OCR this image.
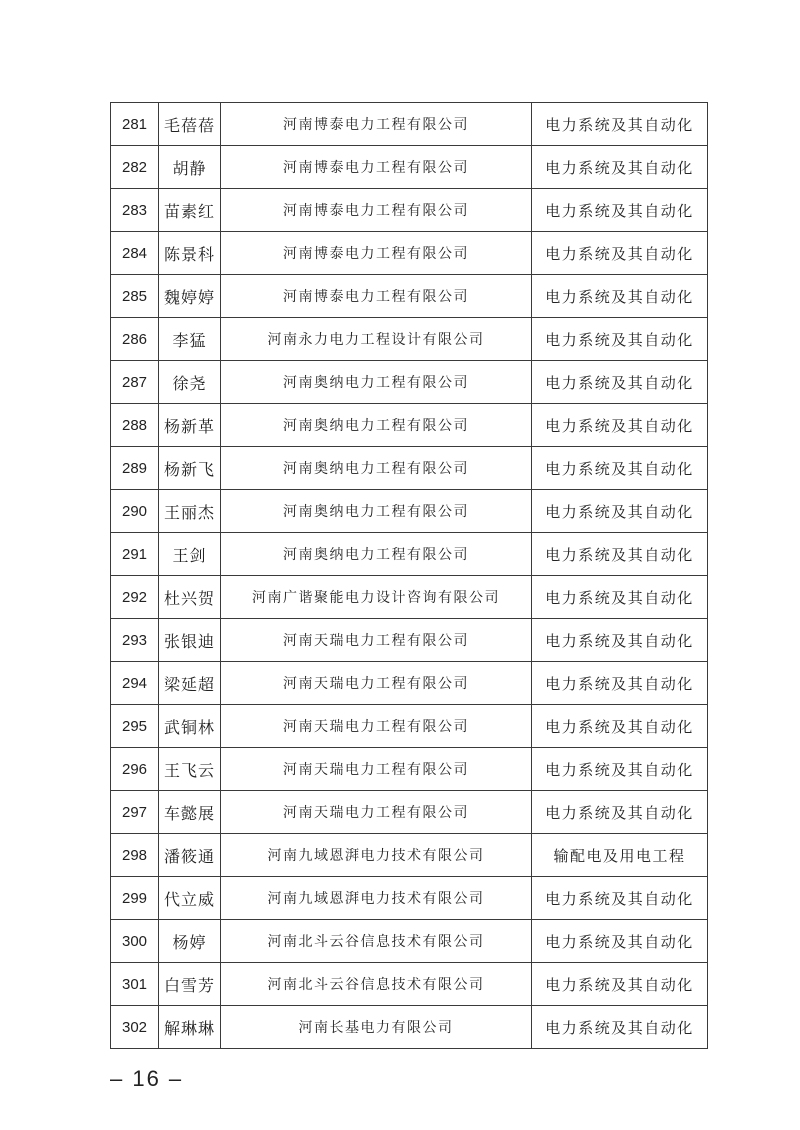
281	毛蓓蓓	河南博泰电力工程有限公司	电力系统及其自动化
282	胡静	河南博泰电力工程有限公司	电力系统及其自动化
283	苗素红	河南博泰电力工程有限公司	电力系统及其自动化
284	陈景科	河南博泰电力工程有限公司	电力系统及其自动化
285	魏婷婷	河南博泰电力工程有限公司	电力系统及其自动化
286	李猛	河南永力电力工程设计有限公司	电力系统及其自动化
287	徐尧	河南奥纳电力工程有限公司	电力系统及其自动化
288	杨新革	河南奥纳电力工程有限公司	电力系统及其自动化
289	杨新飞	河南奥纳电力工程有限公司	电力系统及其自动化
290	王丽杰	河南奥纳电力工程有限公司	电力系统及其自动化
291	王剑	河南奥纳电力工程有限公司	电力系统及其自动化
292	杜兴贺	河南广谐聚能电力设计咨询有限公司	电力系统及其自动化
293	张银迪	河南天瑞电力工程有限公司	电力系统及其自动化
294	梁延超	河南天瑞电力工程有限公司	电力系统及其自动化
295	武铜林	河南天瑞电力工程有限公司	电力系统及其自动化
296	王飞云	河南天瑞电力工程有限公司	电力系统及其自动化
297	车懿展	河南天瑞电力工程有限公司	电力系统及其自动化
298	潘筱通	河南九域恩湃电力技术有限公司	输配电及用电工程
299	代立威	河南九域恩湃电力技术有限公司	电力系统及其自动化
300	杨婷	河南北斗云谷信息技术有限公司	电力系统及其自动化
301	白雪芳	河南北斗云谷信息技术有限公司	电力系统及其自动化
302	解琳琳	河南长基电力有限公司	电力系统及其自动化
– 16 –
